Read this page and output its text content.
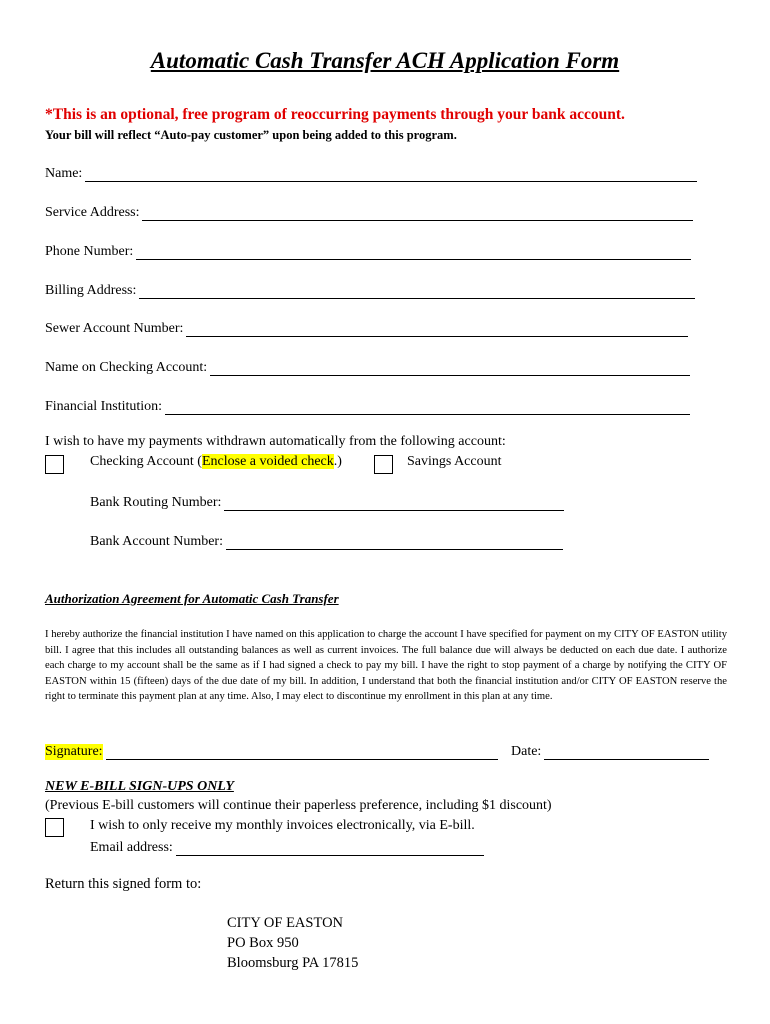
Automatic Cash Transfer ACH Application Form
*This is an optional, free program of reoccurring payments through your bank account.
Your bill will reflect “Auto-pay customer” upon being added to this program.
Name:
Service Address:
Phone Number:
Billing Address:
Sewer Account Number:
Name on Checking Account:
Financial Institution:
I wish to have my payments withdrawn automatically from the following account:
Checking Account (Enclose a voided check.)	Savings Account
Bank Routing Number:
Bank Account Number:
Authorization Agreement for Automatic Cash Transfer
I hereby authorize the financial institution I have named on this application to charge the account I have specified for payment on my CITY OF EASTON utility bill. I agree that this includes all outstanding balances as well as current invoices. The full balance due will always be deducted on each due date. I authorize each charge to my account shall be the same as if I had signed a check to pay my bill. I have the right to stop payment of a charge by notifying the CITY OF EASTON within 15 (fifteen) days of the due date of my bill. In addition, I understand that both the financial institution and/or CITY OF EASTON reserve the right to terminate this payment plan at any time. Also, I may elect to discontinue my enrollment in this plan at any time.
Signature:	Date:
NEW E-BILL SIGN-UPS ONLY
(Previous E-bill customers will continue their paperless preference, including $1 discount)
I wish to only receive my monthly invoices electronically, via E-bill.
Email address:
Return this signed form to:
CITY OF EASTON
PO Box 950
Bloomsburg PA 17815
